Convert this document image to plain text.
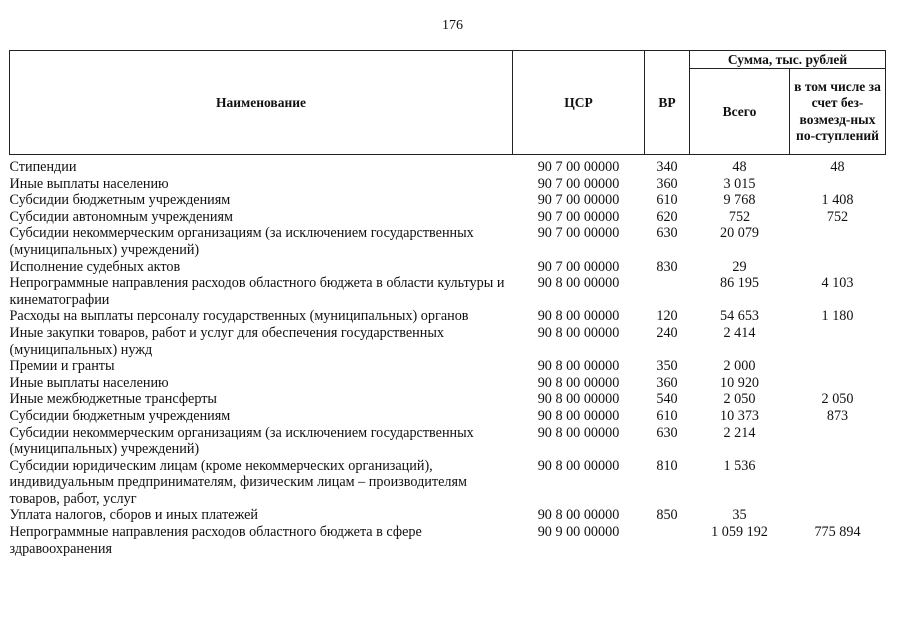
176
Наименование	ЦСР	ВР	Сумма, тыс. рублей	
			Всего	в том числе за счет без-возмезд-ных по-ступлений
Стипендии	90 7 00 00000	340	48	48
Иные выплаты населению	90 7 00 00000	360	3 015	
Субсидии бюджетным учреждениям	90 7 00 00000	610	9 768	1 408
Субсидии автономным учреждениям	90 7 00 00000	620	752	752
Субсидии некоммерческим организациям (за исключением государственных (муниципальных) учреждений)	90 7 00 00000	630	20 079	
Исполнение судебных актов	90 7 00 00000	830	29	
Непрограммные направления расходов областного бюджета в области культуры и кинематографии	90 8 00 00000		86 195	4 103
Расходы на выплаты персоналу государственных (муниципальных) органов	90 8 00 00000	120	54 653	1 180
Иные закупки товаров, работ и услуг для обеспечения государственных (муниципальных) нужд	90 8 00 00000	240	2 414	
Премии и гранты	90 8 00 00000	350	2 000	
Иные выплаты населению	90 8 00 00000	360	10 920	
Иные межбюджетные трансферты	90 8 00 00000	540	2 050	2 050
Субсидии бюджетным учреждениям	90 8 00 00000	610	10 373	873
Субсидии некоммерческим организациям (за исключением государственных (муниципальных) учреждений)	90 8 00 00000	630	2 214	
Субсидии юридическим лицам (кроме некоммерческих организаций), индивидуальным предпринимателям, физическим лицам – производителям товаров, работ, услуг	90 8 00 00000	810	1 536	
Уплата налогов, сборов и иных платежей	90 8 00 00000	850	35	
Непрограммные направления расходов областного бюджета в сфере здравоохранения	90 9 00 00000		1 059 192	775 894
